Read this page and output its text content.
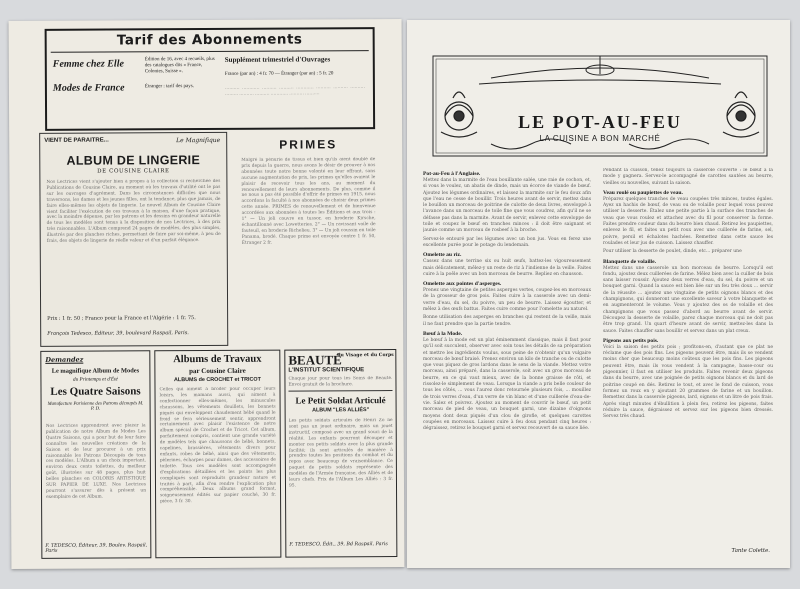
Tarif des Abonnements
Femme chez Elle	Édition de 16, avec 4 recueils, plus des catalogues dits « France, Colonies, Suisse ».
Modes de France	Étranger : tarif des pays.
Supplément trimestriel d'Ouvrages
France (par an) : 4 fr. 70 — Étranger (par an) : 5 fr. 20
·········· ············ ·········· ·········· ············ ·········· ·········· ·········· ········· ·········· ·········· ············ ·········· ··········
VIENT DE PARAITRE...	Le Magnifique
ALBUM DE LINGERIE
DE COUSINE CLAIRE
Nos Lectrices vient s'ajouter bien à propos à la collection si recherchée des Publications de Cousine Claire, au moment où les travaux d'utilité ont le pas sur les ouvrages d'agrément. Dans les circonstances difficiles que nous traversons, les dames et les jeunes filles, ont la tendance, plus que jamais, de faire elles-mêmes les objets de lingerie. Le nouvel Album de Cousine Claire vient faciliter l'exécution de ces travaux à la maison, d'une façon pratique, avec la moindre dépense, par les patrons et les dessins en grandeur naturelle de tous les modèles sont tenus à la disposition de nos Lectrices, à des prix très raisonnables. L'Album comprend 24 pages de modèles, des plus simples, illustrés par des planches riches, permettant de faire par soi-même, à peu de frais, des objets de lingerie de réelle valeur et d'un parfait élégance.
Prix : 1 fr. 50 ; Franco pour la France et l'Algérie : 1 fr. 75.
François Tedesco, Éditeur, 39, boulevard Raspail, Paris.
PRIMES
Malgré la pénurie de tissus et bien qu'ils aient doublé de prix depuis la guerre, nous avons le désir de prouver à nos abonnées toute notre bonne volonté en leur offrant, sans aucune augmentation de prix, les primes qu'elles avaient le plaisir de recevoir tous les ans, au moment du renouvellement de leurs abonnements. De plus, comme il ne nous a pas été possible d'offrir de primes en 1915, nous accordons la faculté à nos abonnées de choisir deux primes cette année. PRIMES de renouvellement et de bienvenue accordées aux abonnées à toutes les Éditions et aux trois : 1° — Un joli couvre en tussor, en broderie Kirsche, échantillonné avec Lowetteries. 2° — Un ravissant voile de fauteuil, en broderie Richelieu. 3° — Un joli coussin en toile Panama, brodé. Chaque prime est envoyée contre 1 fr. 50, Étranger 2 fr.
Demandez
Le magnifique Album de Modes
du Printemps et d'Été
Les Quatre Saisons
Manufacture Parisienne des Patrons découpés M. P. D.
Nos Lectrices apprendront avec plaisir la publication de notre Album de Modes Les Quatre Saisons, qui a pour but de leur faire connaître les nouvelles créations de la Saison et de leur procurer à un prix raisonnable les Patrons Découpés de tous ces modèles. L'Album a un choix important, environ deux cents toilettes, du meilleur goût, illustrées sur 48 pages, plus huit belles planches en COLORIS ARTISTIQUE SUR PAPIER DE LUXE. Nos Lectrices pourront s'assurer dès à présent un exemplaire de cet Album.
F. TEDESCO, Éditeur, 39, Boulev. Raspail, Paris
Albums de Travaux
par Cousine Claire
ALBUMS de CROCHET et TRICOT
Celles qui aiment à broder pour occuper leurs loisirs, les mamans aussi, qui aiment à confectionner elles-mêmes, les minuscules chaussons, les vêtements douillets, les bonnets piqués qui enveloppent chaudement bébé quand le froid se fera sérieusement sentir, apprendront certainement avec plaisir l'existence de notre album spécial de Crochet et de Tricot. Cet album, parfaitement compris, contient une grande variété de modèles tels que chaussons de bébé, bonnets, capelines, brassières, vêtements divers pour enfants, robes de bébé, ainsi que des vêtements, pèlerines, écharpes pour dames, des accessoires de toilette. Tous ces modèles sont accompagnés d'explications détaillées et les points les plus compliqués sont reproduits grandeur nature et traités à part, afin d'en rendre l'explication plus compréhensible. Deux albums grand format, soigneusement édités sur papier couché, 30 fr. pièce, 3 fr. 30.
BEAUTÉ
du Visage et du Corps
L'INSTITUT SCIENTIFIQUE
Chaque jour pour tous les Soins de Beauté. Envoi gratuit de la brochure.
Le Petit Soldat Articulé
ALBUM "LES ALLIÉS"
Les petits soldats articulés de Henri Zo ne sont pas un jouet ordinaire, mais un jouet instructif, composé avec un grand souci de la réalité. Les enfants pourront découper et monter ces petits soldats avec la plus grande facilité; ils sont articulés de manière à prendre toutes les positions du combat et du repos avec beaucoup de vraisemblance. Ce paquet de petits soldats représente des modèles de l'Armée française, des Alliés et de leurs chefs. Prix de l'Album Les Alliés : 3 fr. 95.
F. TEDESCO, Édit., 39, Bd Raspail, Paris
LE POT-AU-FEU
LA CUISINE A BON MARCHÉ
Pot-au-Feu à l'Anglaise.
Mettez dans la marmite de l'eau bouillante salée, une raie de cochon, et, si vous le voulez, un abatis de dinde, mais un écorce de viande de bœuf. Ajoutez les légumes ordinaires, et laissez la marmite sur le feu doux afin que l'eau ne cesse de bouillir. Trois heures avant de servir, mettez dans le bouillon un morceau de poitrine de culotte de deux livres, enveloppé à l'avance dans un morceau de toile fine que vous coudrez, afin qu'il ne se défasse pas dans la marmite. Avant de servir, enlevez cette enveloppe de toile et coupez le bœuf en tranches minces : il doit être saignant et jaunie comme un morceau de rosbeef à la broche.
Servez-le entouré par les légumes avec un bon jus. Vous en ferez une excellente purée pour le potage du lendemain.
Omelette au riz.
Cassez dans une terrine six ou huit œufs, battez-les vigoureusement mais délicatement, mêlez-y un reste de riz à l'indienne de la veille. Faites cuire à la poêle avec un bon morceau de beurre. Repliez en chausson.
Omelette aux pointes d'asperges.
Prenez une vingtaine de petites asperges vertes, coupez-les en morceaux de la grosseur de gros pois. Faites cuire à la casserole avec un demi-verre d'eau, du sel, du poivre, un peu de beurre. Laissez égoutter, et mêlez à des œufs battus. Faites cuire comme pour l'omelette au naturel.
Bonne utilisation des asperges en branches qui restent de la veille, mais il ne faut prendre que la partie tendre.
Bœuf à la Mode.
Le bœuf à la mode est un plat éminemment classique, mais il faut pour qu'il soit succulent, observer avec soin tous les détails de sa préparation et mettre les ingrédients voulus, sous peine de n'obtenir qu'un vulgaire morceau de bœuf braisé. Prenez environ un kilo de tranche ou de culotte que vous piquez de gros lardons dans le sens de la viande. Mettez votre morceau, ainsi préparé, dans la casserole, soit avec un gros morceau de beurre, en ce qui vaut mieux, avec de la bonne graisse de rôti, et rissolez-le simplement de veau. Lorsque la viande a pris belle couleur de tous les côtés, ... vous l'aurez donc retournée plusieurs fois, ... mouillez de trois verres d'eau, d'un verre de vin blanc et d'une cuillerée d'eau-de-vie. Salez et poivrez. Ajoutez au moment de couvrir le bœuf, un petit morceau de pied de veau, un bouquet garni, une dizaine d'oignons moyens dont deux piqués d'un clou de girofle, et quelques carottes coupées en morceaux. Laissez cuire à feu doux pendant cinq heures : dégraissez, retirez le bouquet garni et servez recouvert de sa sauce liée.
Pendant la cuisson, tenez toujours la casserole couverte : le bœuf à la mode y gagnera. Servez-le accompagné de carottes sautées au beurre, vieilles ou nouvelles, suivant la saison.
Veau roulé ou paupiettes de veau.
Préparez quelques tranches de veau coupées très minces, toutes égales. Ayez un hachis de bœuf, de veau ou de volaille pour lequel vous pouvez utiliser la desserte. Étalez une petite partie à la surface des tranches de veau que vous roulez et attachez avec du fil pour conserver la forme. Faites prendre couleur dans du beurre bien chaud. Retirez les paupiettes, enlevez le fil, et faites un petit roux avec une cuillerée de farine, sel, poivre, persil et échalotes hachées. Remettez dans cette sauce les roulades et leur jus de cuisson. Laissez chauffer.
Pour utiliser la desserte de poulet, dinde, etc... préparer une
Blanquette de volaille.
Mettez dans une casserole un bon morceau de beurre. Lorsqu'il est fondu, ajoutez deux cuillerées de farine. Mêlez bien avec la cuiller de bois sans laisser roussir. Ajoutez deux verres d'eau, du sel, du poivre et un bouquet garni. Quand la sauce est bien liée sur un feu très doux ... servir de la réussite ... ajoutez une vingtaine de petits oignons blancs et des champignons, qui donneront une excellente saveur à votre blanquette et en augmenteront le volume. Vous y ajoutez des os de volaille et des champignons que vous passez d'abord au beurre avant de servir. Découpez la desserte de volaille, parez chaque morceau qui ne doit pas être trop grand. Un quart d'heure avant de servir, mettez-les dans la sauce. Faites chauffer sans bouillir et servez dans un plat creux.
Pigeons aux petits pois.
Voici la saison des petits pois ; profitons-en, d'autant que ce plat ne réclame que des pois fins. Les pigeons peuvent être, mais ils se vendent moins cher que beaucoup moins coûteux que les pois fins. Les pigeons peuvent être, mais ils vous vendent à la campagne, basse-cour ou pigeonnier, il faut en utiliser les produits. Faites revenir deux pigeons dans du beurre, avec une poignée de petits oignons blancs et du lard de poitrine coupé en dés. Retirez le tout, et avec le fond de cuisson, vous formez un roux en y ajoutant 20 grammes de farine et un bouillon. Remettez dans la casserole pigeons, lard, oignons et un litre de pois frais. Après vingt minutes d'ébullition à plein feu, retirez les pigeons, faites réduire la sauce, dégraissez et servez sur les pigeons bien dressés. Servez très chaud.
Tante Colette.
